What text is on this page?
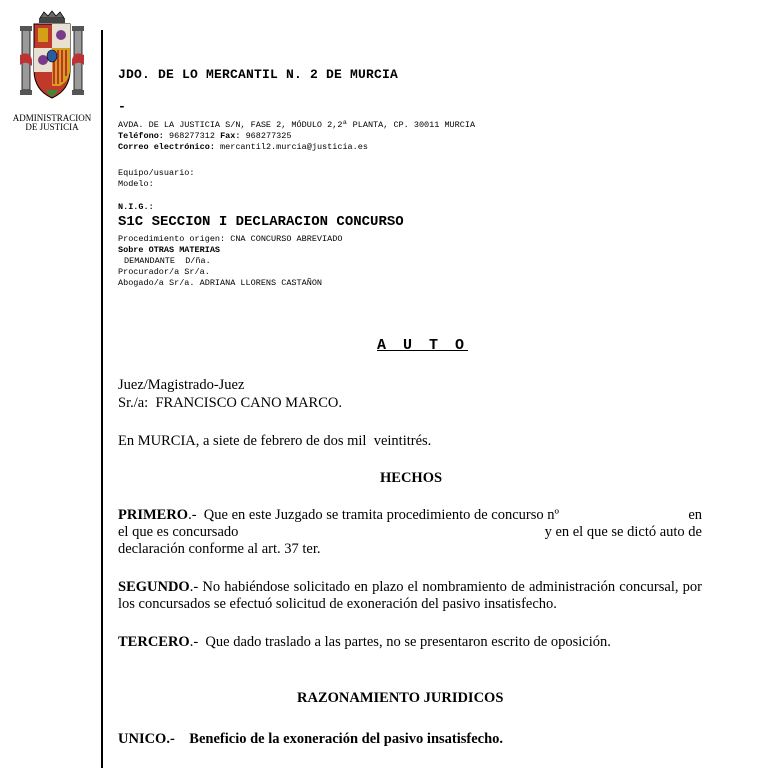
ADMINISTRACION
DE JUSTICIA
JDO. DE LO MERCANTIL N. 2 DE MURCIA
-
AVDA. DE LA JUSTICIA S/N, FASE 2, MÓDULO 2,2ª PLANTA, CP. 30011 MURCIA
Teléfono: 968277312 Fax: 968277325
Correo electrónico: mercantil2.murcia@justicia.es
Equipo/usuario:
Modelo:
N.I.G.:
S1C SECCION I DECLARACION CONCURSO
Procedimiento origen: CNA CONCURSO ABREVIADO
Sobre OTRAS MATERIAS
DEMANDANTE  D/ña.
Procurador/a Sr/a.
Abogado/a Sr/a. ADRIANA LLORENS CASTAÑON
A U T O
Juez/Magistrado-Juez
Sr./a:  FRANCISCO CANO MARCO.
En MURCIA, a siete de febrero de dos mil  veintitrés.
HECHOS
PRIMERO.-  Que en este Juzgado se tramita procedimiento de concurso nº	en
el que es concursado	y en el que se dictó auto de
declaración conforme al art. 37 ter.
SEGUNDO.- No habiéndose solicitado en plazo el nombramiento de administración concursal, por los concursados se efectuó solicitud de exoneración del pasivo insatisfecho.
TERCERO.-  Que dado traslado a las partes, no se presentaron escrito de oposición.
RAZONAMIENTO JURIDICOS
UNICO.- Beneficio de la exoneración del pasivo insatisfecho.
